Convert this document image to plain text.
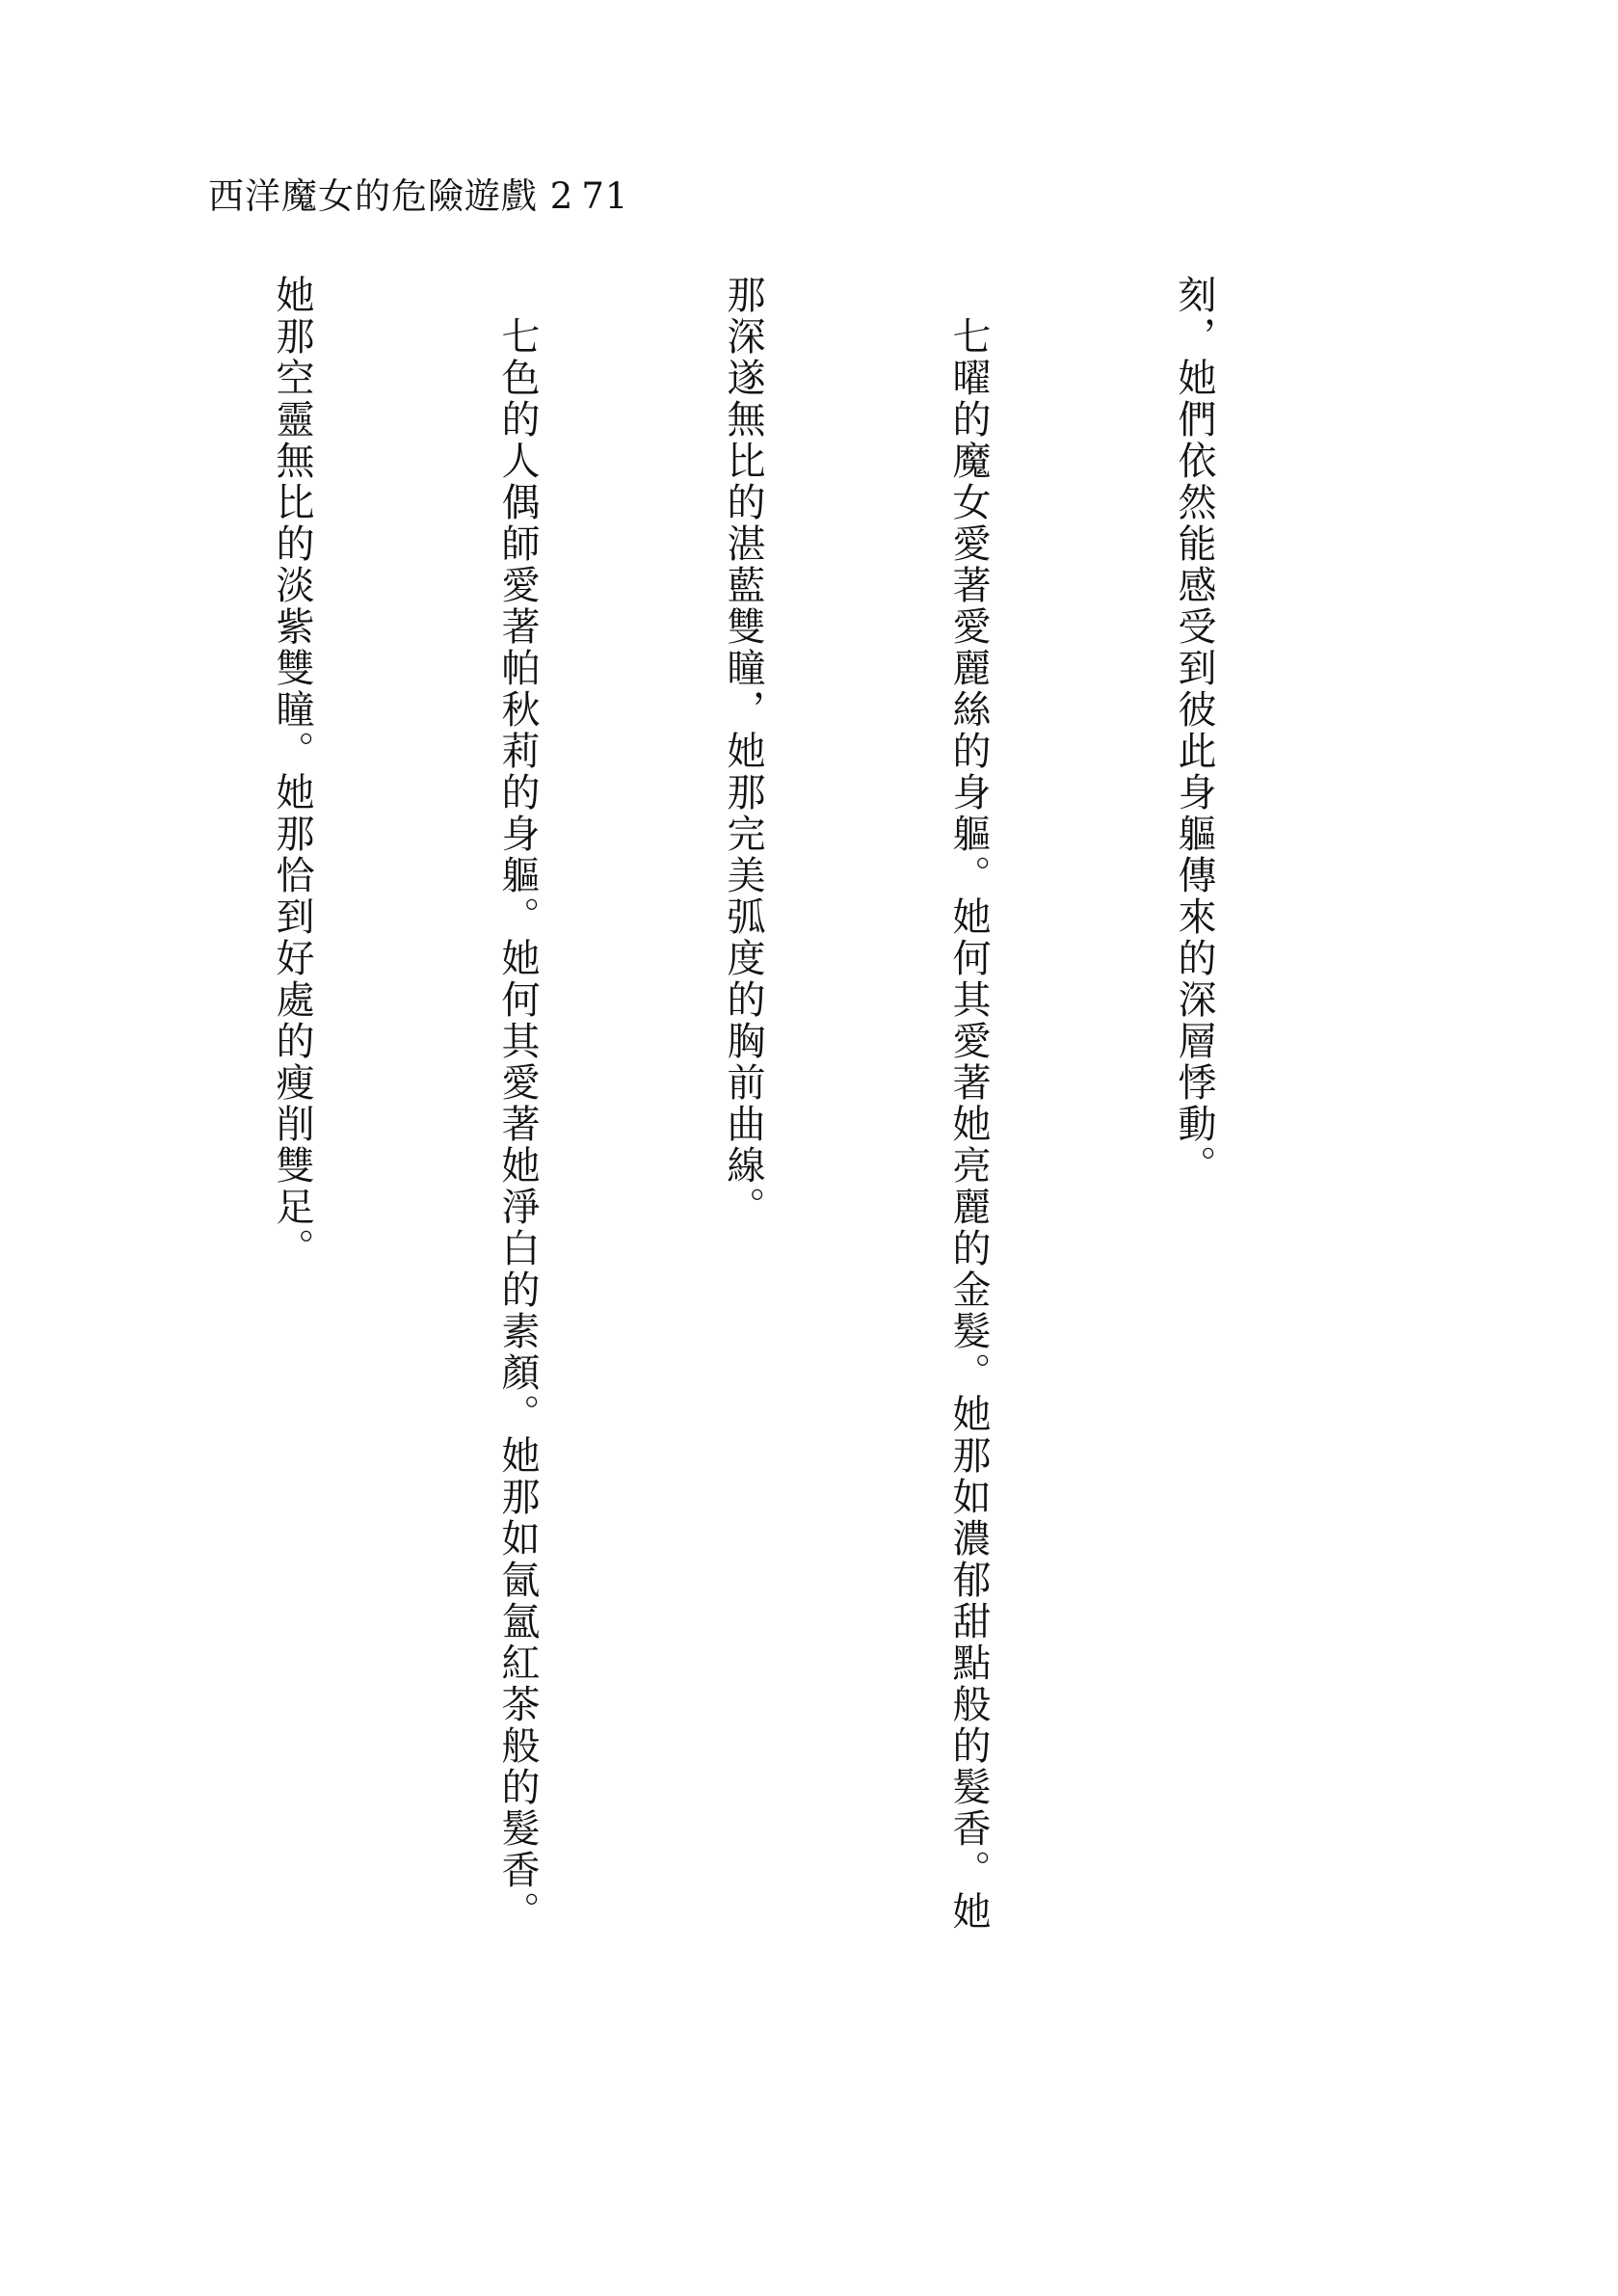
西洋魔女的危險遊戲 2 71

刻，她們依然能感受到彼此身軀傳來的深層悸動。

七曜的魔女愛著愛麗絲的身軀。她何其愛著她亮麗的金髮。她那如濃郁甜點般的髮香。她

那深遂無比的湛藍雙瞳，她那完美弧度的胸前曲線。

七色的人偶師愛著帕秋莉的身軀。她何其愛著她淨白的素顏。她那如氤氳紅茶般的髮香。

她那空靈無比的淡紫雙瞳。她那恰到好處的瘦削雙足。
